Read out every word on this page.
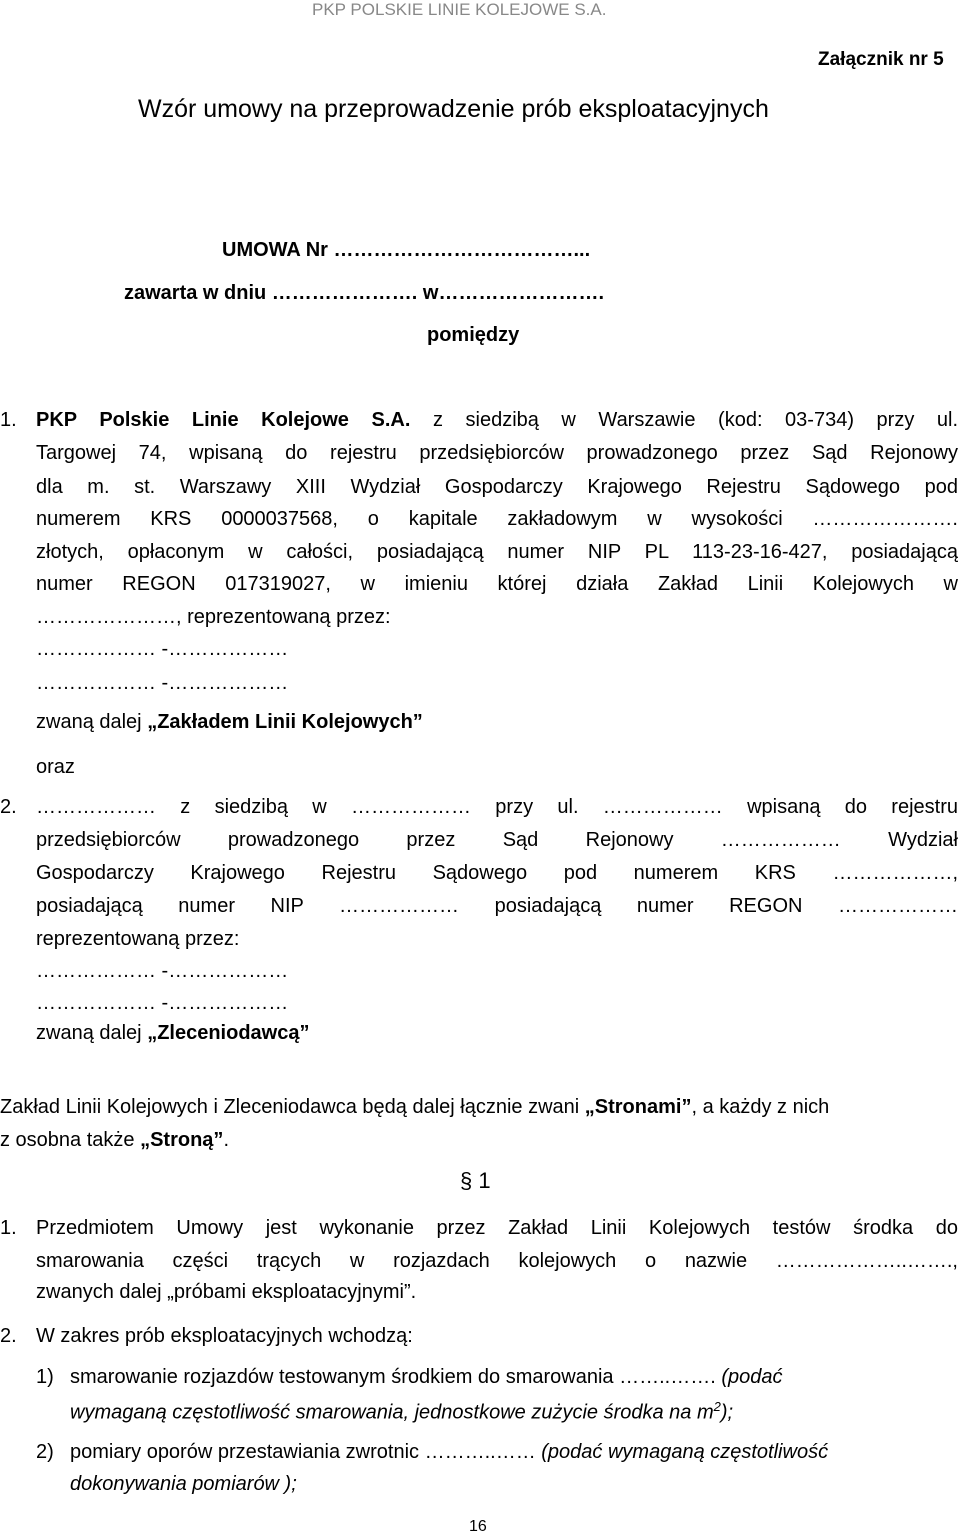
PKP POLSKIE LINIE KOLEJOWE S.A.
Załącznik nr 5
Wzór umowy na przeprowadzenie prób eksploatacyjnych
UMOWA Nr ………………………………...
zawarta w dniu …………………. w…………………….
pomiędzy
1. PKP Polskie Linie Kolejowe S.A. z siedzibą w Warszawie (kod: 03-734) przy ul.
Targowej 74, wpisaną do rejestru przedsiębiorców prowadzonego przez Sąd Rejonowy
dla m. st. Warszawy XIII Wydział Gospodarczy Krajowego Rejestru Sądowego pod
numerem KRS 0000037568, o kapitale zakładowym w wysokości ………………….
złotych, opłaconym w całości, posiadającą numer NIP PL 113-23-16-427, posiadającą
numer REGON 017319027, w imieniu której działa Zakład Linii Kolejowych w
…………………, reprezentowaną przez:
……………… -………………
……………… -………………
zwaną dalej „Zakładem Linii Kolejowych”
oraz
2. ……………… z siedzibą w ……………… przy ul. ……………… wpisaną do rejestru
przedsiębiorców prowadzonego przez Sąd Rejonowy ……………… Wydział
Gospodarczy Krajowego Rejestru Sądowego pod numerem KRS ………………,
posiadającą numer NIP ……………… posiadającą numer REGON ………………
reprezentowaną przez:
……………… -………………
……………… -………………
zwaną dalej „Zleceniodawcą”
Zakład Linii Kolejowych i Zleceniodawca będą dalej łącznie zwani „Stronami”, a każdy z nich
z osobna także „Stroną”.
§ 1
1. Przedmiotem Umowy jest wykonanie przez Zakład Linii Kolejowych testów środka do
smarowania części trących w rozjazdach kolejowych o nazwie ………………..…….,
zwanych dalej „próbami eksploatacyjnymi”.
2. W zakres prób eksploatacyjnych wchodzą:
1) smarowanie rozjazdów testowanym środkiem do smarowania ……..……. (podać
wymaganą częstotliwość smarowania, jednostkowe zużycie środka na $m^2$);
2) pomiary oporów przestawiania zwrotnic ………..…… (podać wymaganą częstotliwość
dokonywania pomiarów );
16
